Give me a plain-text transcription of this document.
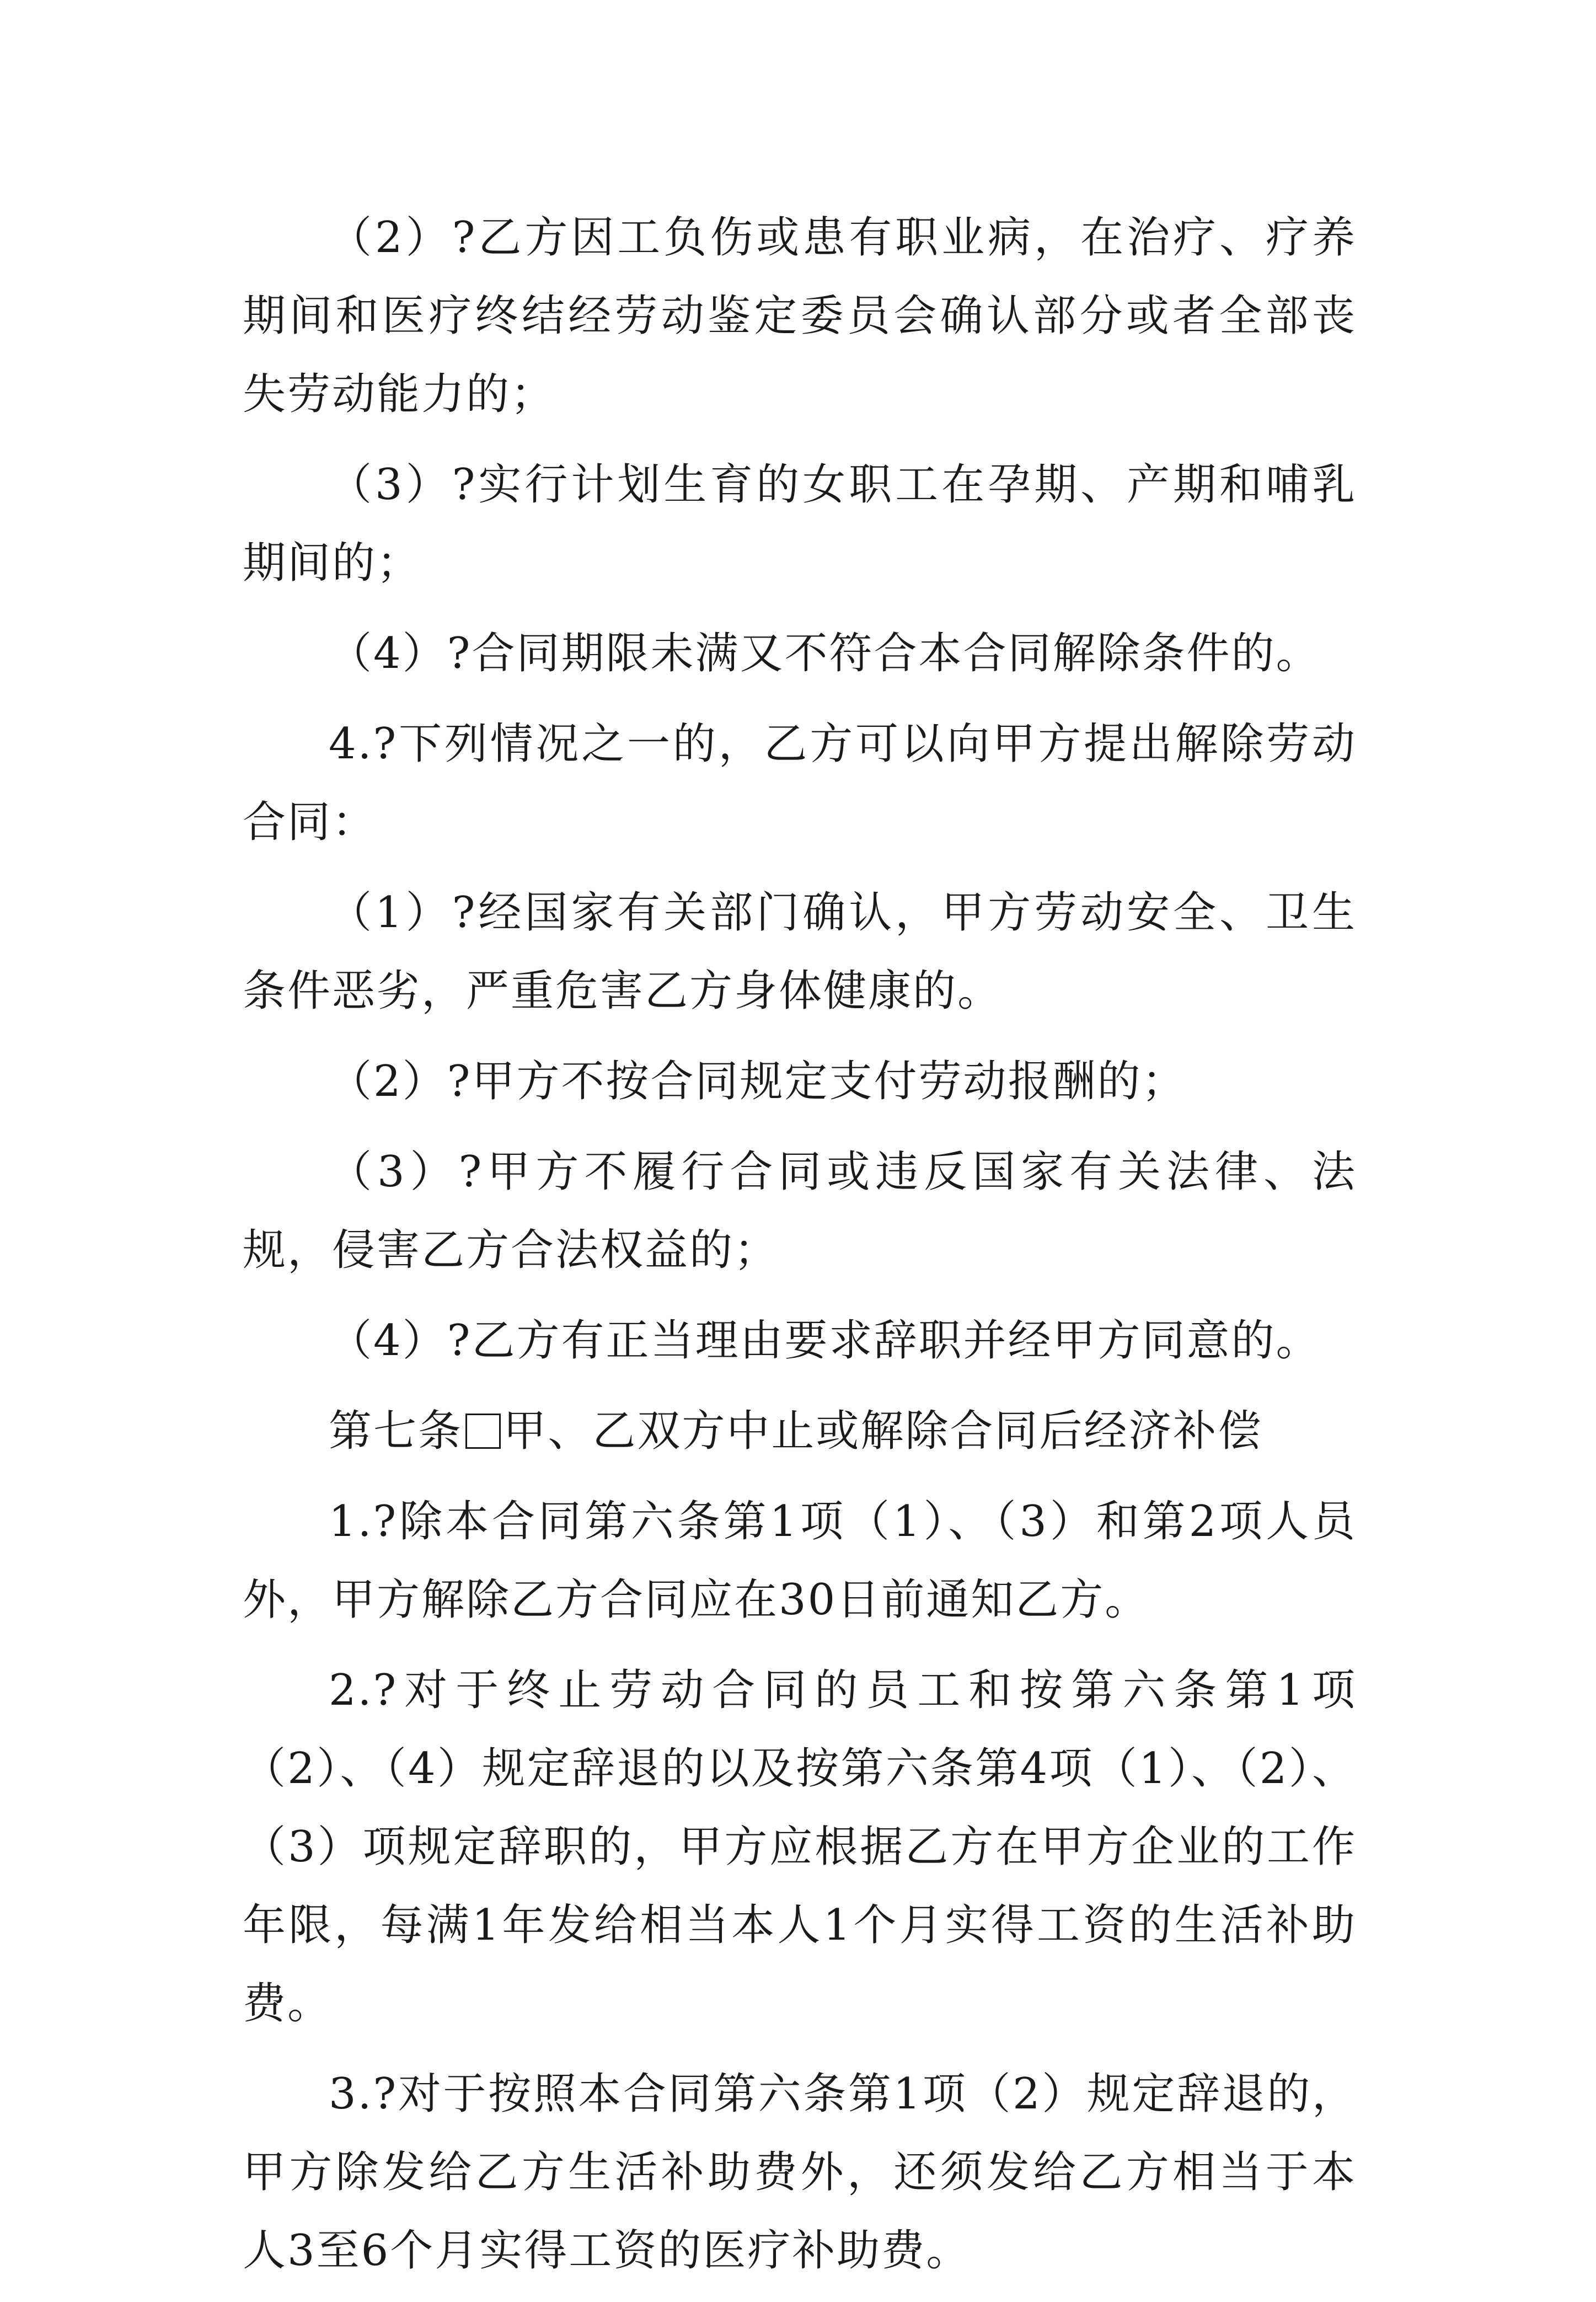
（2）?乙方因工负伤或患有职业病，在治疗、疗养期间和医疗终结经劳动鉴定委员会确认部分或者全部丧失劳动能力的；

（3）?实行计划生育的女职工在孕期、产期和哺乳期间的；

（4）?合同期限未满又不符合本合同解除条件的。

4.?下列情况之一的，乙方可以向甲方提出解除劳动合同：

（1）?经国家有关部门确认，甲方劳动安全、卫生条件恶劣，严重危害乙方身体健康的。

（2）?甲方不按合同规定支付劳动报酬的；

（3）?甲方不履行合同或违反国家有关法律、法规，侵害乙方合法权益的；

（4）?乙方有正当理由要求辞职并经甲方同意的。

第七条 甲、乙双方中止或解除合同后经济补偿

1.?除本合同第六条第1项（1）、（3）和第2项人员外，甲方解除乙方合同应在30日前通知乙方。

2.?对于终止劳动合同的员工和按第六条第1项（2）、（4）规定辞退的以及按第六条第4项（1）、（2）、（3）项规定辞职的，甲方应根据乙方在甲方企业的工作年限，每满1年发给相当本人1个月实得工资的生活补助费。

3.?对于按照本合同第六条第1项（2）规定辞退的，甲方除发给乙方生活补助费外，还须发给乙方相当于本人3至6个月实得工资的医疗补助费。
